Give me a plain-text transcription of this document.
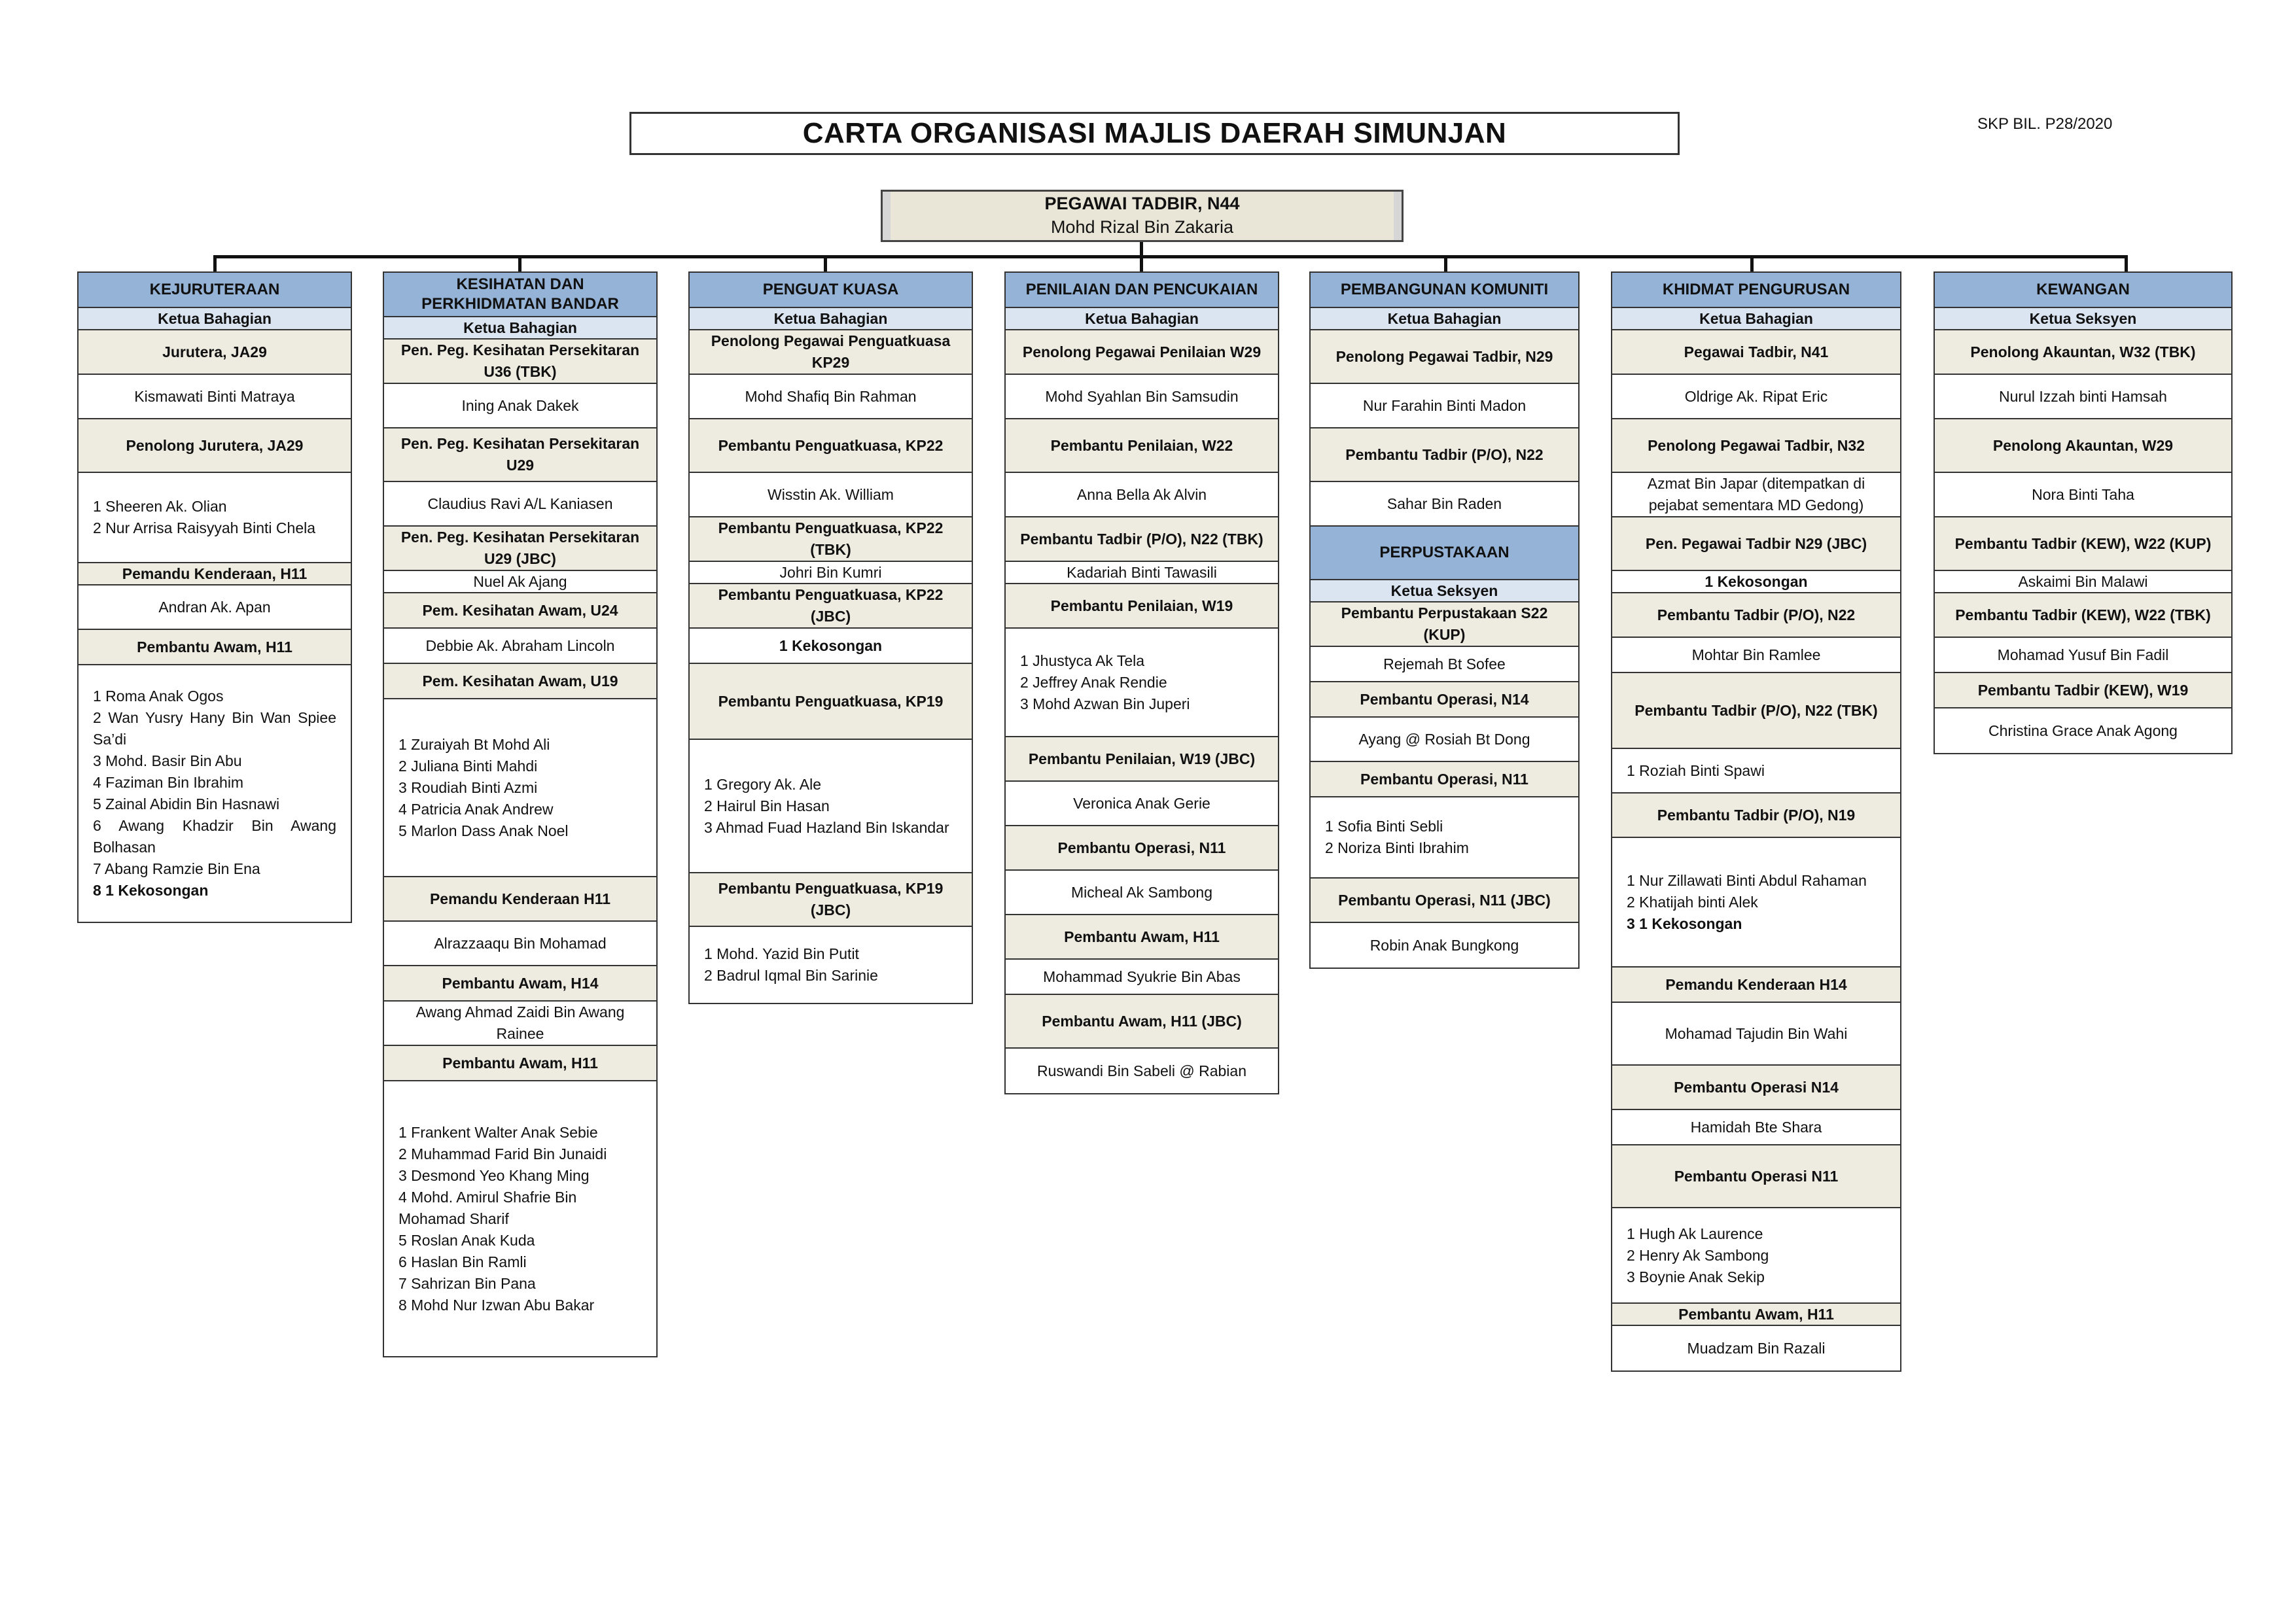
CARTA ORGANISASI MAJLIS DAERAH SIMUNJAN	SKP BIL. P28/2020
PEGAWAI TADBIR, N44
Mohd Rizal Bin Zakaria
KEJURUTERAAN
Ketua Bahagian
Jurutera, JA29
Kismawati Binti Matraya
Penolong Jurutera, JA29
1 Sheeren Ak. Olian
2 Nur Arrisa Raisyyah Binti Chela
Pemandu Kenderaan, H11
Andran Ak. Apan
Pembantu Awam, H11
1 Roma Anak Ogos
2 Wan Yusry Hany Bin Wan Spiee Sa’di
3 Mohd. Basir Bin Abu
4 Faziman Bin Ibrahim
5 Zainal Abidin Bin Hasnawi
6 Awang Khadzir Bin Awang Bolhasan
7 Abang Ramzie Bin Ena
8 1 Kekosongan
KESIHATAN DAN PERKHIDMATAN BANDAR
Ketua Bahagian
Pen. Peg. Kesihatan Persekitaran U36 (TBK)
Ining Anak Dakek
Pen. Peg. Kesihatan Persekitaran U29
Claudius Ravi A/L Kaniasen
Pen. Peg. Kesihatan Persekitaran U29 (JBC)
Nuel Ak Ajang
Pem. Kesihatan Awam, U24
Debbie Ak. Abraham Lincoln
Pem. Kesihatan Awam, U19
1 Zuraiyah Bt Mohd Ali
2 Juliana Binti Mahdi
3 Roudiah Binti Azmi
4 Patricia Anak Andrew
5 Marlon Dass Anak Noel
Pemandu Kenderaan H11
Alrazzaaqu Bin Mohamad
Pembantu Awam, H14
Awang Ahmad Zaidi Bin Awang Rainee
Pembantu Awam, H11
1 Frankent Walter Anak Sebie
2 Muhammad Farid Bin Junaidi
3 Desmond Yeo Khang Ming
4 Mohd. Amirul Shafrie Bin Mohamad Sharif
5 Roslan Anak Kuda
6 Haslan Bin Ramli
7 Sahrizan Bin Pana
8 Mohd Nur Izwan Abu Bakar
PENGUAT KUASA
Ketua Bahagian
Penolong Pegawai Penguatkuasa KP29
Mohd Shafiq Bin Rahman
Pembantu Penguatkuasa, KP22
Wisstin Ak. William
Pembantu Penguatkuasa, KP22 (TBK)
Johri Bin Kumri
Pembantu Penguatkuasa, KP22 (JBC)
1 Kekosongan
Pembantu Penguatkuasa, KP19
1 Gregory Ak. Ale
2 Hairul Bin Hasan
3 Ahmad Fuad Hazland Bin Iskandar
Pembantu Penguatkuasa, KP19 (JBC)
1 Mohd. Yazid Bin Putit
2 Badrul Iqmal Bin Sarinie
PENILAIAN DAN PENCUKAIAN
Ketua Bahagian
Penolong Pegawai Penilaian W29
Mohd Syahlan Bin Samsudin
Pembantu Penilaian, W22
Anna Bella Ak Alvin
Pembantu Tadbir (P/O), N22 (TBK)
Kadariah Binti Tawasili
Pembantu Penilaian, W19
1 Jhustyca Ak Tela
2 Jeffrey Anak Rendie
3 Mohd Azwan Bin Juperi
Pembantu Penilaian, W19 (JBC)
Veronica Anak Gerie
Pembantu Operasi, N11
Micheal Ak Sambong
Pembantu Awam, H11
Mohammad Syukrie Bin Abas
Pembantu Awam, H11 (JBC)
Ruswandi Bin Sabeli @ Rabian
PEMBANGUNAN KOMUNITI
Ketua Bahagian
Penolong Pegawai Tadbir, N29
Nur Farahin Binti Madon
Pembantu Tadbir (P/O), N22
Sahar Bin Raden
PERPUSTAKAAN
Ketua Seksyen
Pembantu Perpustakaan S22 (KUP)
Rejemah Bt Sofee
Pembantu Operasi, N14
Ayang @ Rosiah Bt Dong
Pembantu Operasi, N11
1 Sofia Binti Sebli
2 Noriza Binti Ibrahim
Pembantu Operasi, N11 (JBC)
Robin Anak Bungkong
KHIDMAT PENGURUSAN
Ketua Bahagian
Pegawai Tadbir, N41
Oldrige Ak. Ripat Eric
Penolong Pegawai Tadbir, N32
Azmat Bin Japar (ditempatkan di pejabat sementara MD Gedong)
Pen. Pegawai Tadbir N29 (JBC)
1 Kekosongan
Pembantu Tadbir (P/O), N22
Mohtar Bin Ramlee
Pembantu Tadbir (P/O), N22 (TBK)
1 Roziah Binti Spawi
Pembantu Tadbir (P/O), N19
1 Nur Zillawati Binti Abdul Rahaman
2 Khatijah binti Alek
3 1 Kekosongan
Pemandu Kenderaan H14
Mohamad Tajudin Bin Wahi
Pembantu Operasi N14
Hamidah Bte Shara
Pembantu Operasi N11
1 Hugh Ak Laurence
2 Henry Ak Sambong
3 Boynie Anak Sekip
Pembantu Awam, H11
Muadzam Bin Razali
KEWANGAN
Ketua Seksyen
Penolong Akauntan, W32 (TBK)
Nurul Izzah binti Hamsah
Penolong Akauntan, W29
Nora Binti Taha
Pembantu Tadbir (KEW), W22 (KUP)
Askaimi Bin Malawi
Pembantu Tadbir (KEW), W22 (TBK)
Mohamad Yusuf Bin Fadil
Pembantu Tadbir (KEW), W19
Christina Grace Anak Agong
